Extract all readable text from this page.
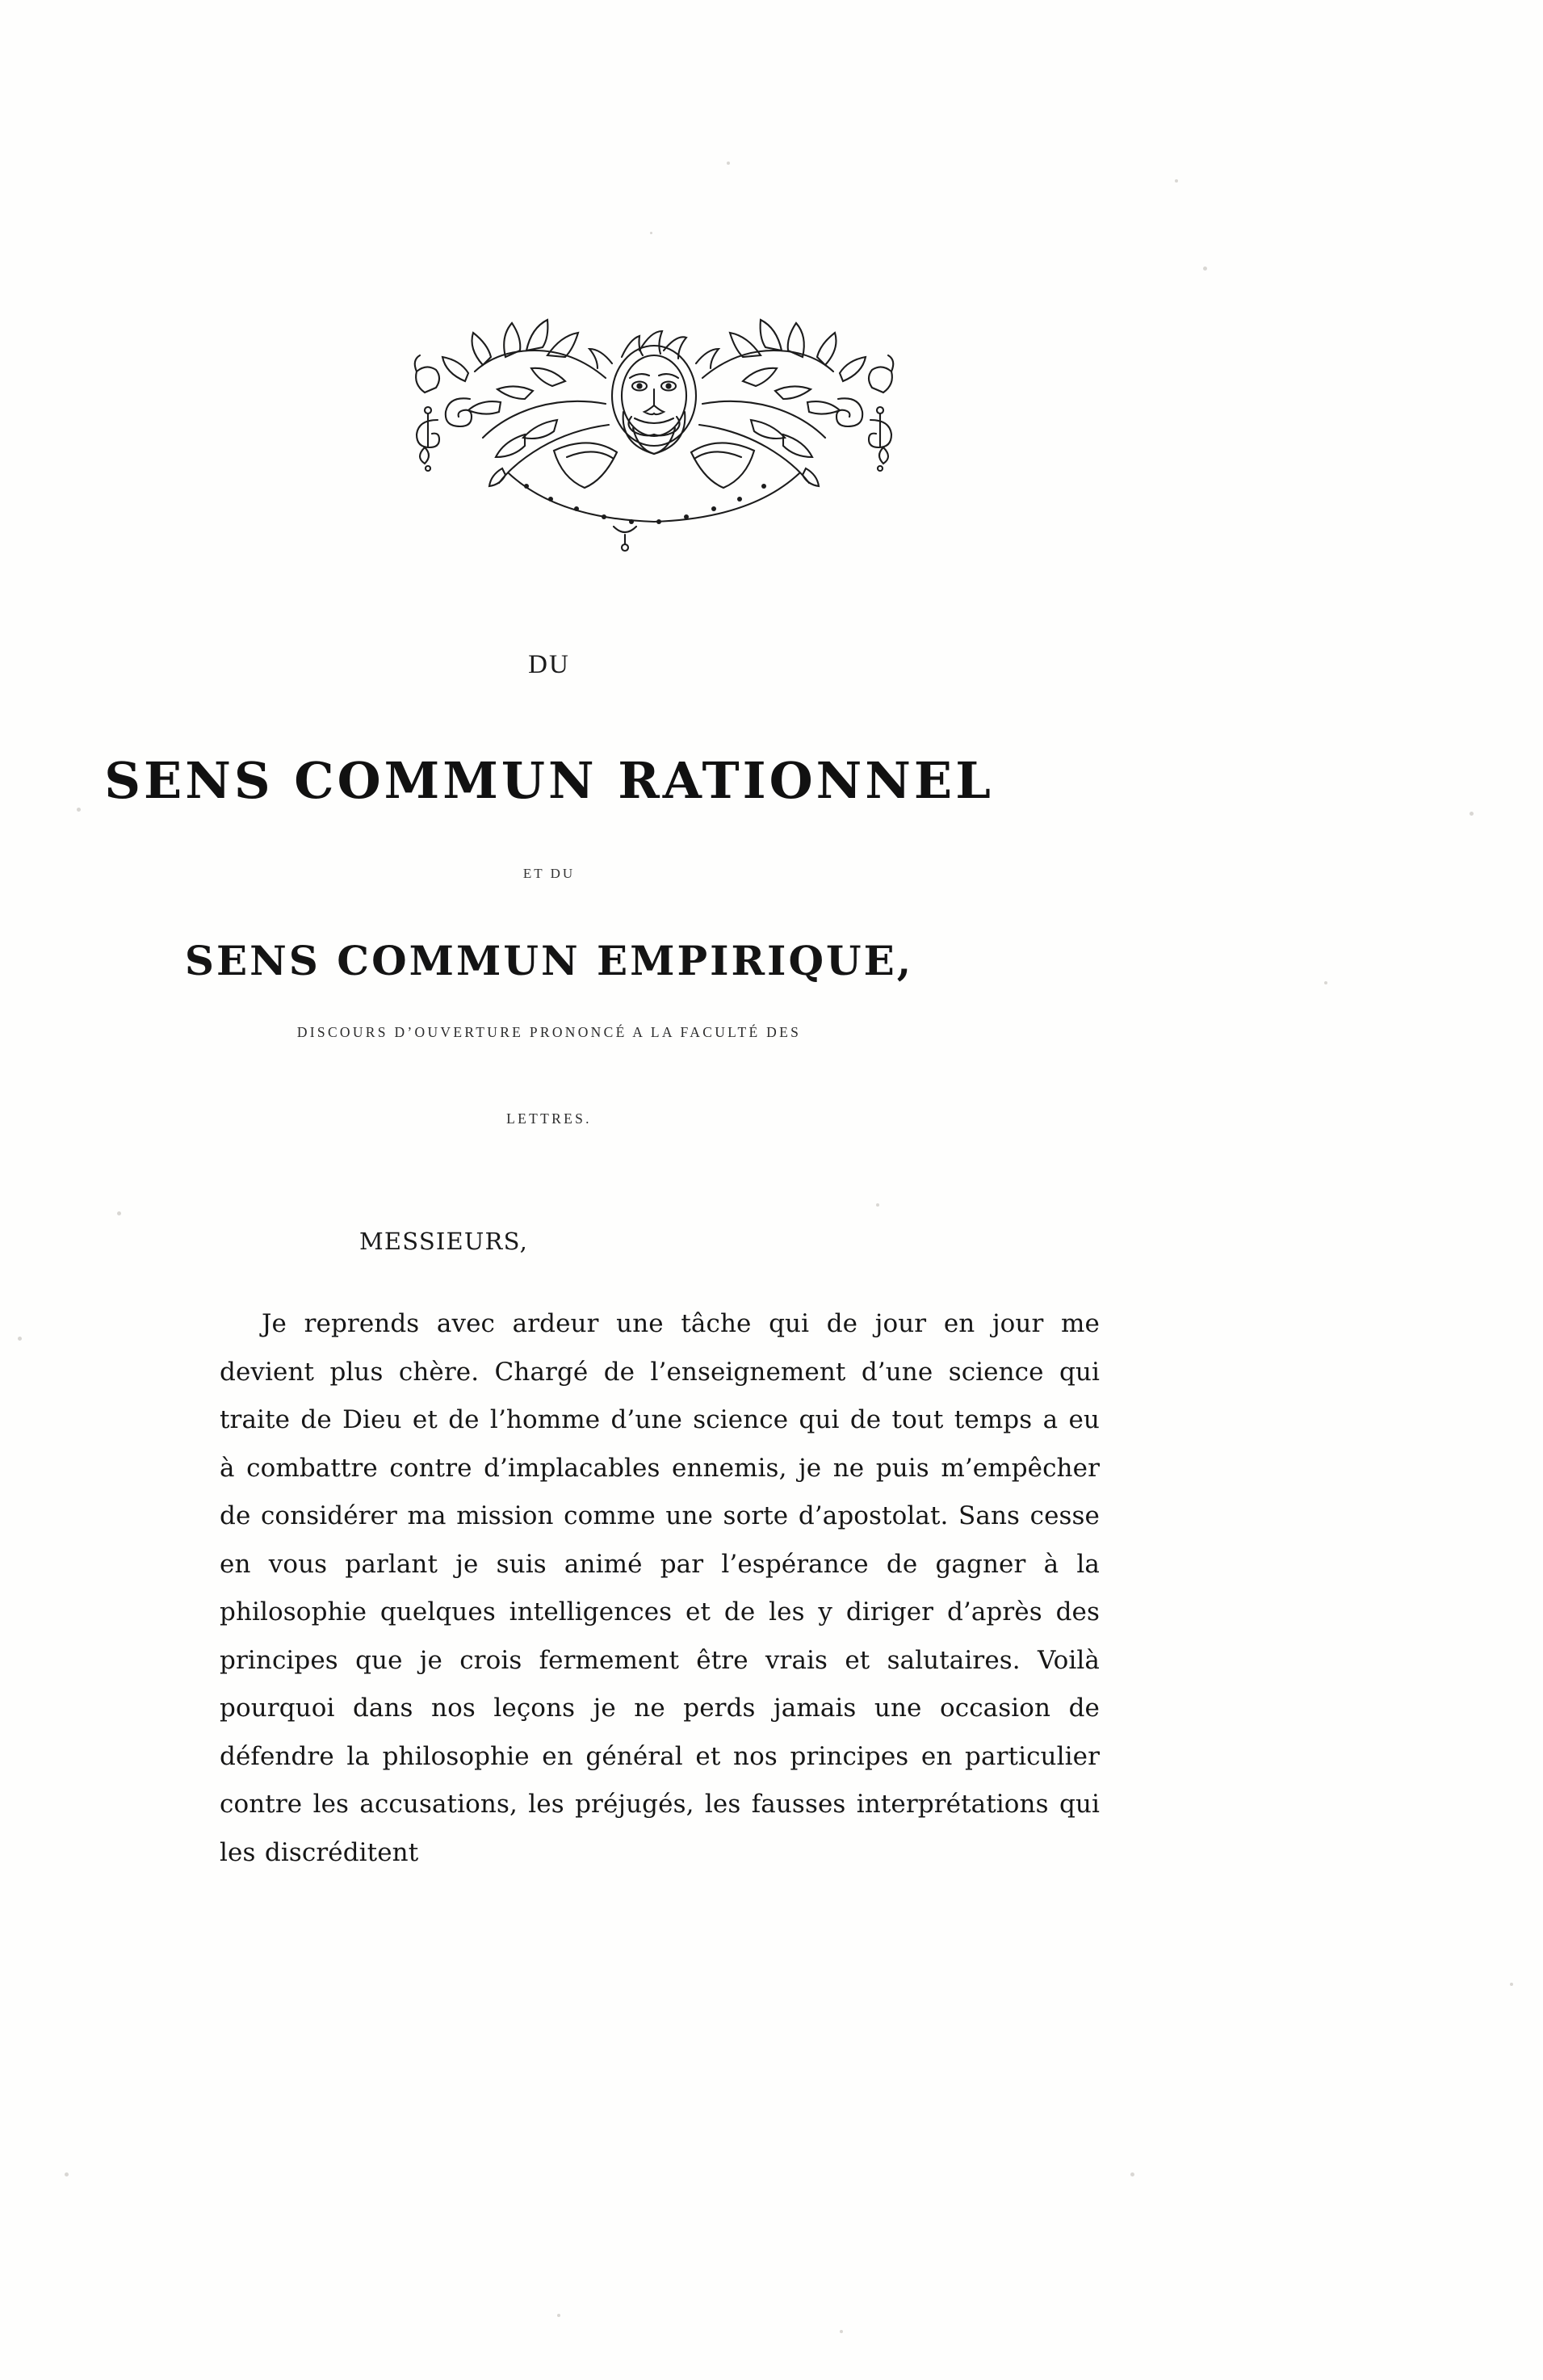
DU
SENS COMMUN RATIONNEL
ET DU
SENS COMMUN EMPIRIQUE,
DISCOURS D’OUVERTURE PRONONCÉ A LA FACULTÉ DES
LETTRES.
MESSIEURS,
Je reprends avec ardeur une tâche qui de jour en jour me devient plus chère. Chargé de l’enseignement d’une science qui traite de Dieu et de l’homme d’une science qui de tout temps a eu à combattre contre d’implacables ennemis, je ne puis m’empêcher de considérer ma mission comme une sorte d’apostolat. Sans cesse en vous parlant je suis animé par l’espérance de gagner à la philosophie quelques intelligences et de les y diriger d’après des principes que je crois fermement être vrais et salutaires. Voilà pourquoi dans nos leçons je ne perds jamais une occasion de défendre la philosophie en général et nos principes en particulier contre les accusations, les préjugés, les fausses interprétations qui les discréditent
